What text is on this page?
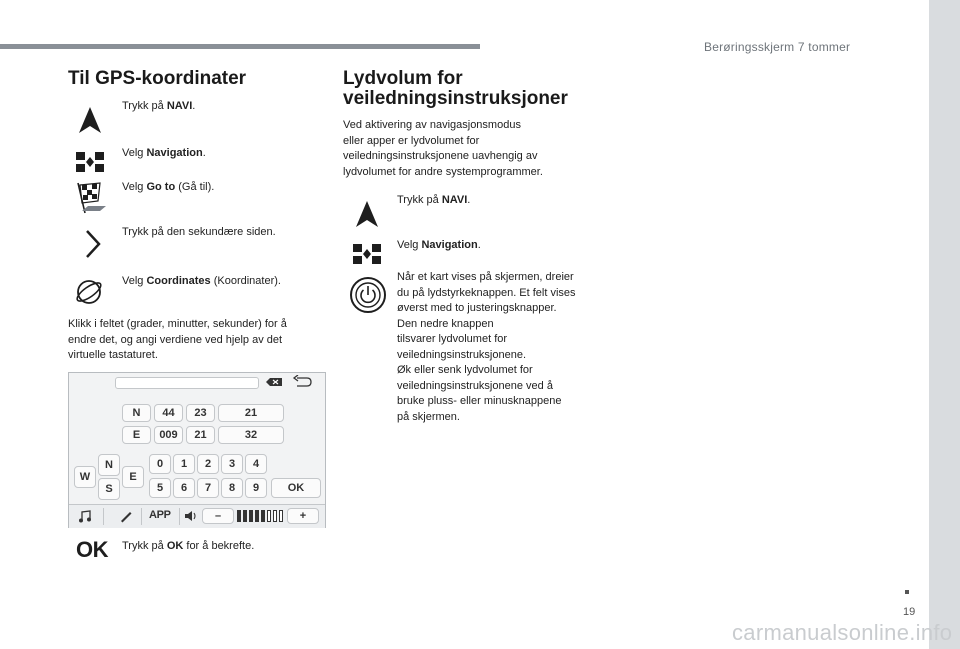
Berøringsskjerm 7 tommer
Til GPS-koordinater
Trykk på NAVI.
Velg Navigation.
Velg Go to (Gå til).
Trykk på den sekundære siden.
Velg Coordinates (Koordinater).
Klikk i feltet (grader, minutter, sekunder) for å
endre det, og angi verdiene ved hjelp av det
virtuelle tastaturet.
N	44	23	21
E	009	21	32
N
W	E
S
0	1	2	3	4
5	6	7	8	9	OK
APP	–	+
OK Trykk på OK for å bekrefte.
Lydvolum for
veiledningsinstruksjoner
Ved aktivering av navigasjonsmodus
eller apper er lydvolumet for
veiledningsinstruksjonene uavhengig av
lydvolumet for andre systemprogrammer.
Trykk på NAVI.
Velg Navigation.
Når et kart vises på skjermen, dreier
du på lydstyrkeknappen. Et felt vises
øverst med to justeringsknapper.
Den nedre knappen
tilsvarer lydvolumet for
veiledningsinstruksjonene.
Øk eller senk lydvolumet for
veiledningsinstruksjonene ved å
bruke pluss- eller minusknappene
på skjermen.
19
carmanualsonline.info
